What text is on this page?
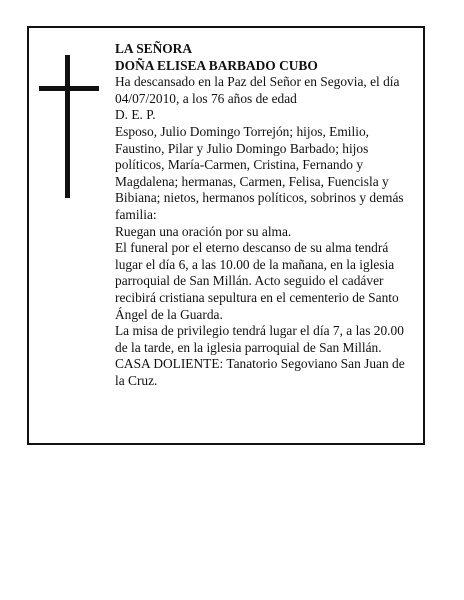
LA SEÑORA

DOÑA ELISEA BARBADO CUBO

Ha descansado en la Paz del Señor en Segovia, el día 04/07/2010, a los 76 años de edad

D. E. P.

Esposo, Julio Domingo Torrejón; hijos, Emilio, Faustino, Pilar y Julio Domingo Barbado; hijos políticos, María-Carmen, Cristina, Fernando y Magdalena; hermanas, Carmen, Felisa, Fuencisla y Bibiana; nietos, hermanos políticos, sobrinos y demás familia:

Ruegan una oración por su alma.

El funeral por el eterno descanso de su alma tendrá lugar el día 6, a las 10.00 de la mañana, en la iglesia parroquial de San Millán. Acto seguido el cadáver recibirá cristiana sepultura en el cementerio de Santo Ángel de la Guarda.

La misa de privilegio tendrá lugar el día 7, a las 20.00 de la tarde, en la iglesia parroquial de San Millán.

CASA DOLIENTE: Tanatorio Segoviano San Juan de la Cruz.
